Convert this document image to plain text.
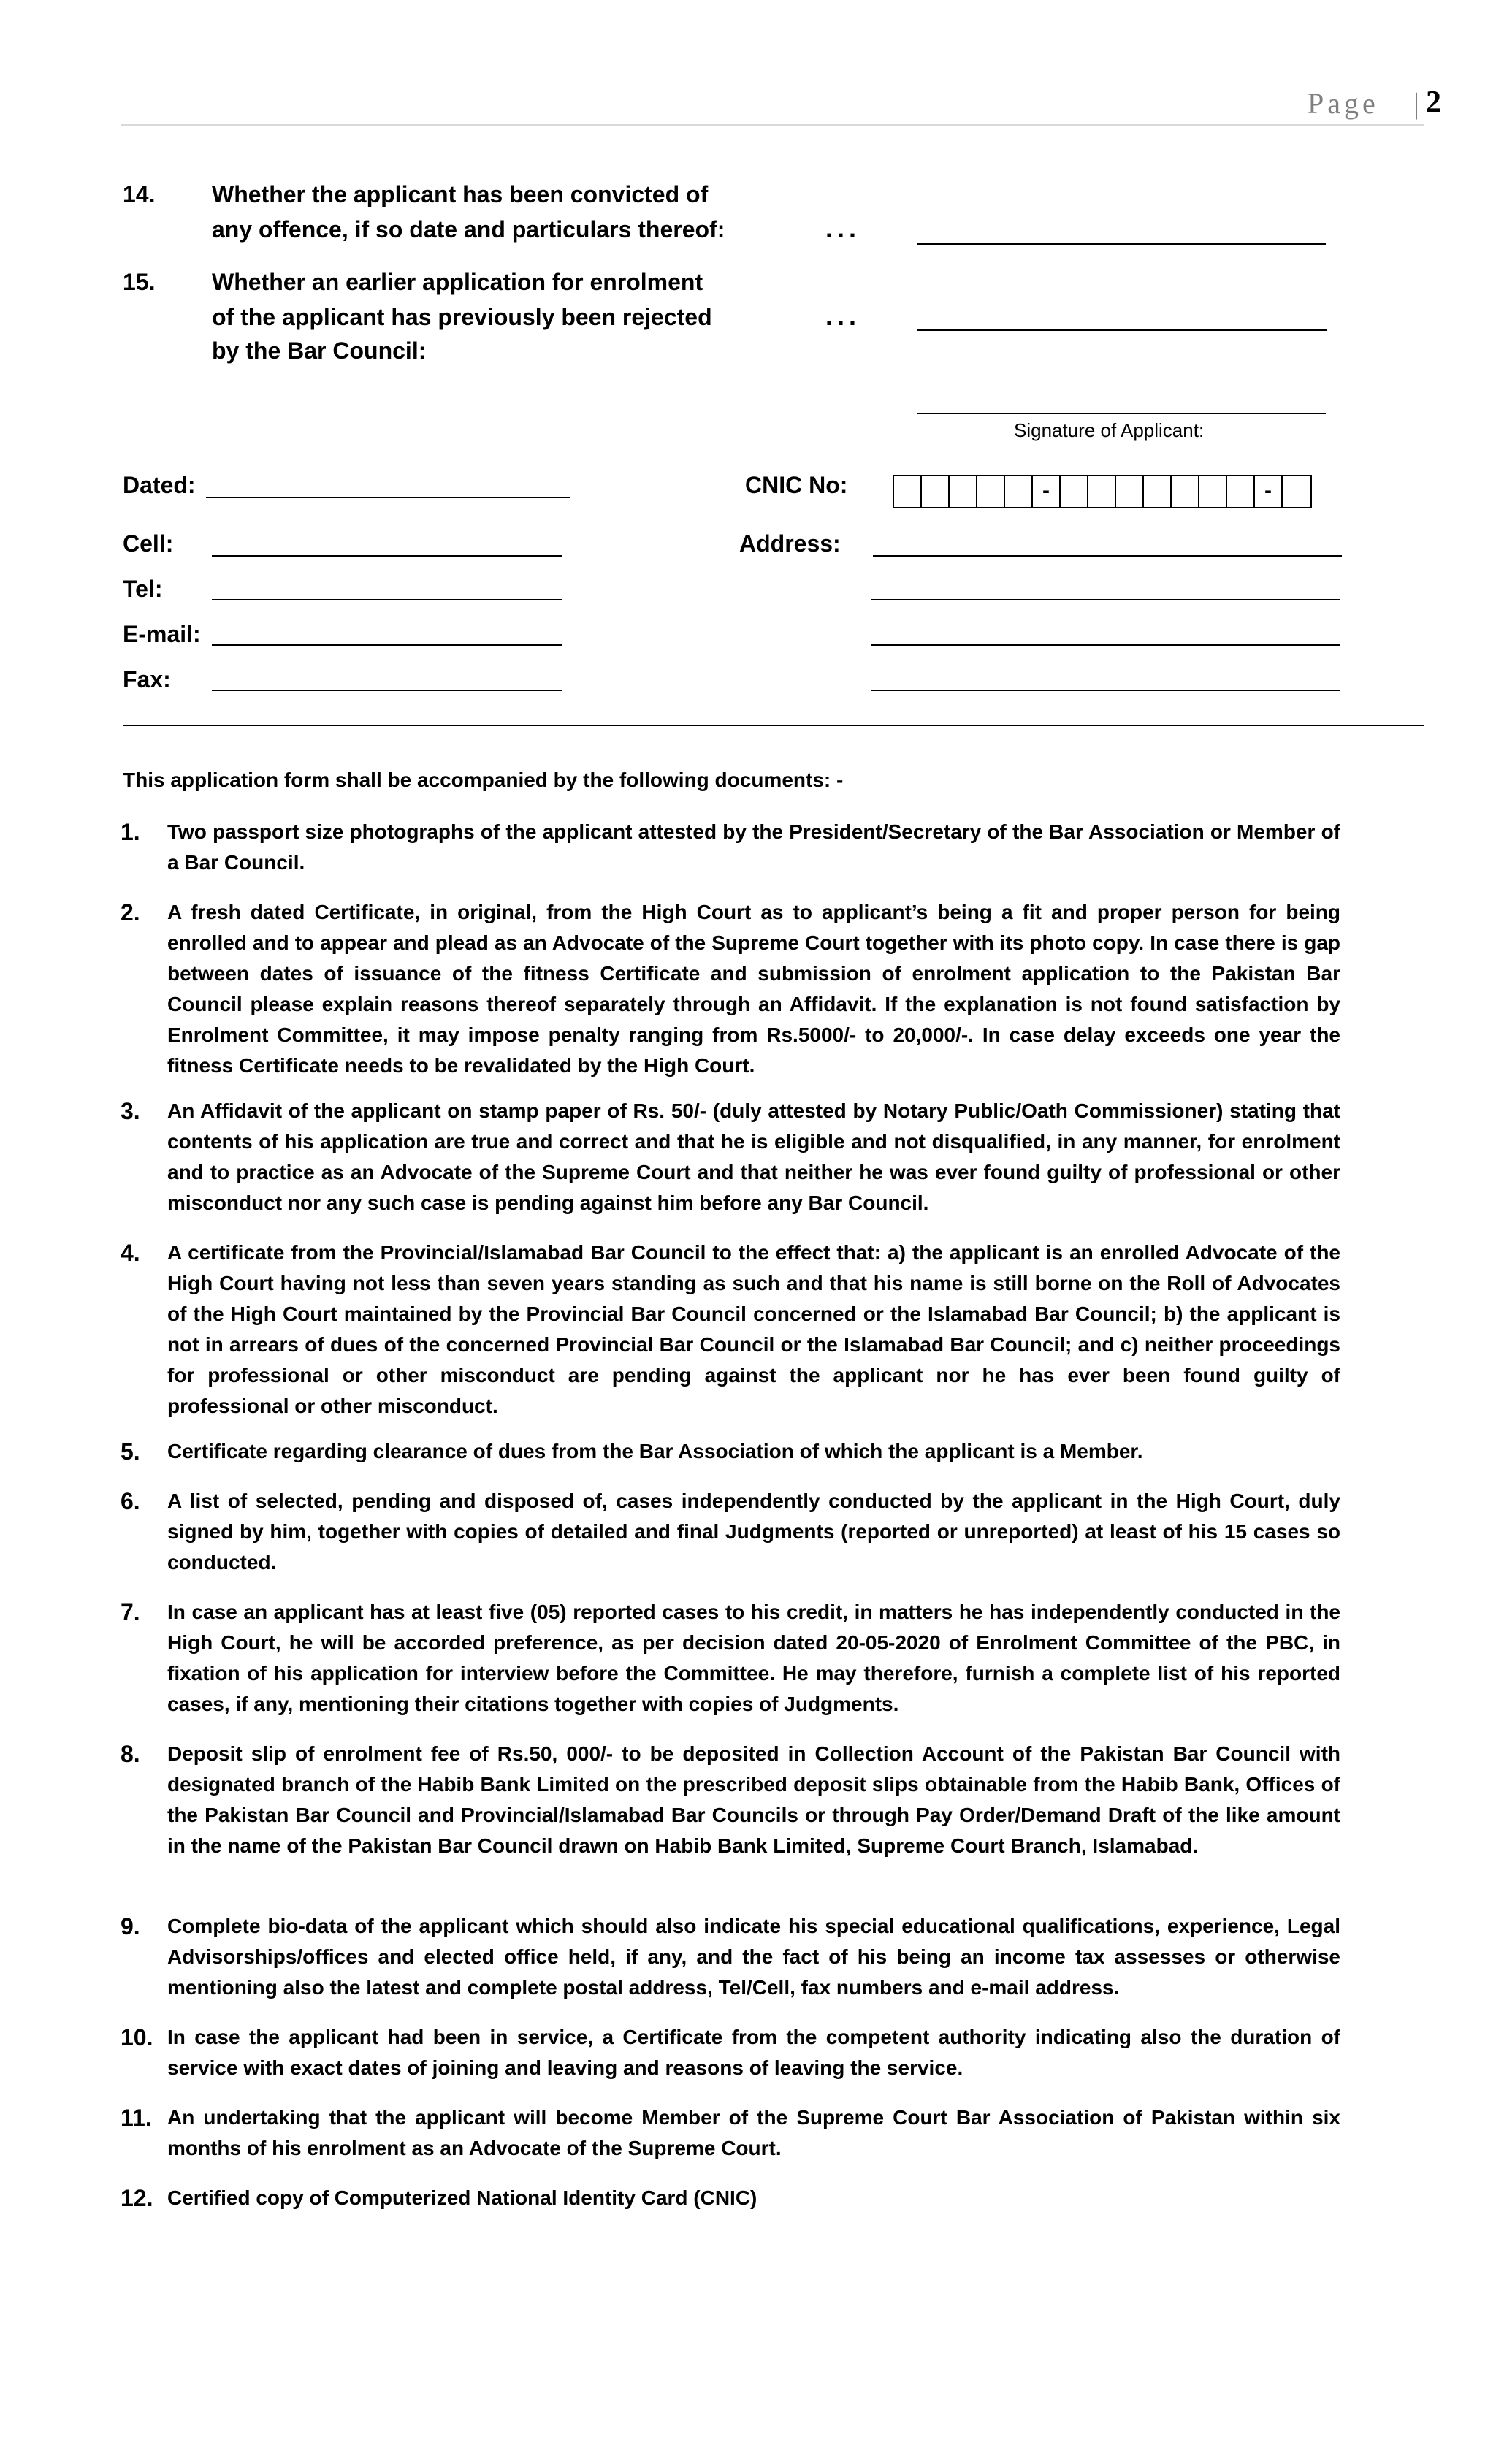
Page | 2
14. Whether the applicant has been convicted of
any offence, if so date and particulars thereof:	...
15. Whether an earlier application for enrolment
of the applicant has previously been rejected
by the Bar Council:
...
Signature of Applicant:
Dated:	CNIC No:	-	-
Cell:	Address:
Tel:
E-mail:
Fax:
This application form shall be accompanied by the following documents: -
1.	Two passport size photographs of the applicant attested by the President/Secretary of the Bar Association or Member of a Bar Council.
2.	A fresh dated Certificate, in original, from the High Court as to applicant’s being a fit and proper person for being enrolled and to appear and plead as an Advocate of the Supreme Court together with its photo copy. In case there is gap between dates of issuance of the fitness Certificate and submission of enrolment application to the Pakistan Bar Council please explain reasons thereof separately through an Affidavit. If the explanation is not found satisfaction by Enrolment Committee, it may impose penalty ranging from Rs.5000/- to 20,000/-. In case delay exceeds one year the fitness Certificate needs to be revalidated by the High Court.
3.	An Affidavit of the applicant on stamp paper of Rs. 50/- (duly attested by Notary Public/Oath Commissioner) stating that contents of his application are true and correct and that he is eligible and not disqualified, in any manner, for enrolment and to practice as an Advocate of the Supreme Court and that neither he was ever found guilty of professional or other misconduct nor any such case is pending against him before any Bar Council.
4.	A certificate from the Provincial/Islamabad Bar Council to the effect that: a) the applicant is an enrolled Advocate of the High Court having not less than seven years standing as such and that his name is still borne on the Roll of Advocates of the High Court maintained by the Provincial Bar Council concerned or the Islamabad Bar Council; b) the applicant is not in arrears of dues of the concerned Provincial Bar Council or the Islamabad Bar Council; and c) neither proceedings for professional or other misconduct are pending against the applicant nor he has ever been found guilty of professional or other misconduct.
5.	Certificate regarding clearance of dues from the Bar Association of which the applicant is a Member.
6.	A list of selected, pending and disposed of, cases independently conducted by the applicant in the High Court, duly signed by him, together with copies of detailed and final Judgments (reported or unreported) at least of his 15 cases so conducted.
7.	In case an applicant has at least five (05) reported cases to his credit, in matters he has independently conducted in the High Court, he will be accorded preference, as per decision dated 20-05-2020 of Enrolment Committee of the PBC, in fixation of his application for interview before the Committee. He may therefore, furnish a complete list of his reported cases, if any, mentioning their citations together with copies of Judgments.
8.	Deposit slip of enrolment fee of Rs.50, 000/- to be deposited in Collection Account of the Pakistan Bar Council with designated branch of the Habib Bank Limited on the prescribed deposit slips obtainable from the Habib Bank, Offices of the Pakistan Bar Council and Provincial/Islamabad Bar Councils or through Pay Order/Demand Draft of the like amount in the name of the Pakistan Bar Council drawn on Habib Bank Limited, Supreme Court Branch, Islamabad.
9.	Complete bio-data of the applicant which should also indicate his special educational qualifications, experience, Legal Advisorships/offices and elected office held, if any, and the fact of his being an income tax assesses or otherwise mentioning also the latest and complete postal address, Tel/Cell, fax numbers and e-mail address.
10. In case the applicant had been in service, a Certificate from the competent authority indicating also the duration of service with exact dates of joining and leaving and reasons of leaving the service.
11. An undertaking that the applicant will become Member of the Supreme Court Bar Association of Pakistan within six months of his enrolment as an Advocate of the Supreme Court.
12. Certified copy of Computerized National Identity Card (CNIC)
